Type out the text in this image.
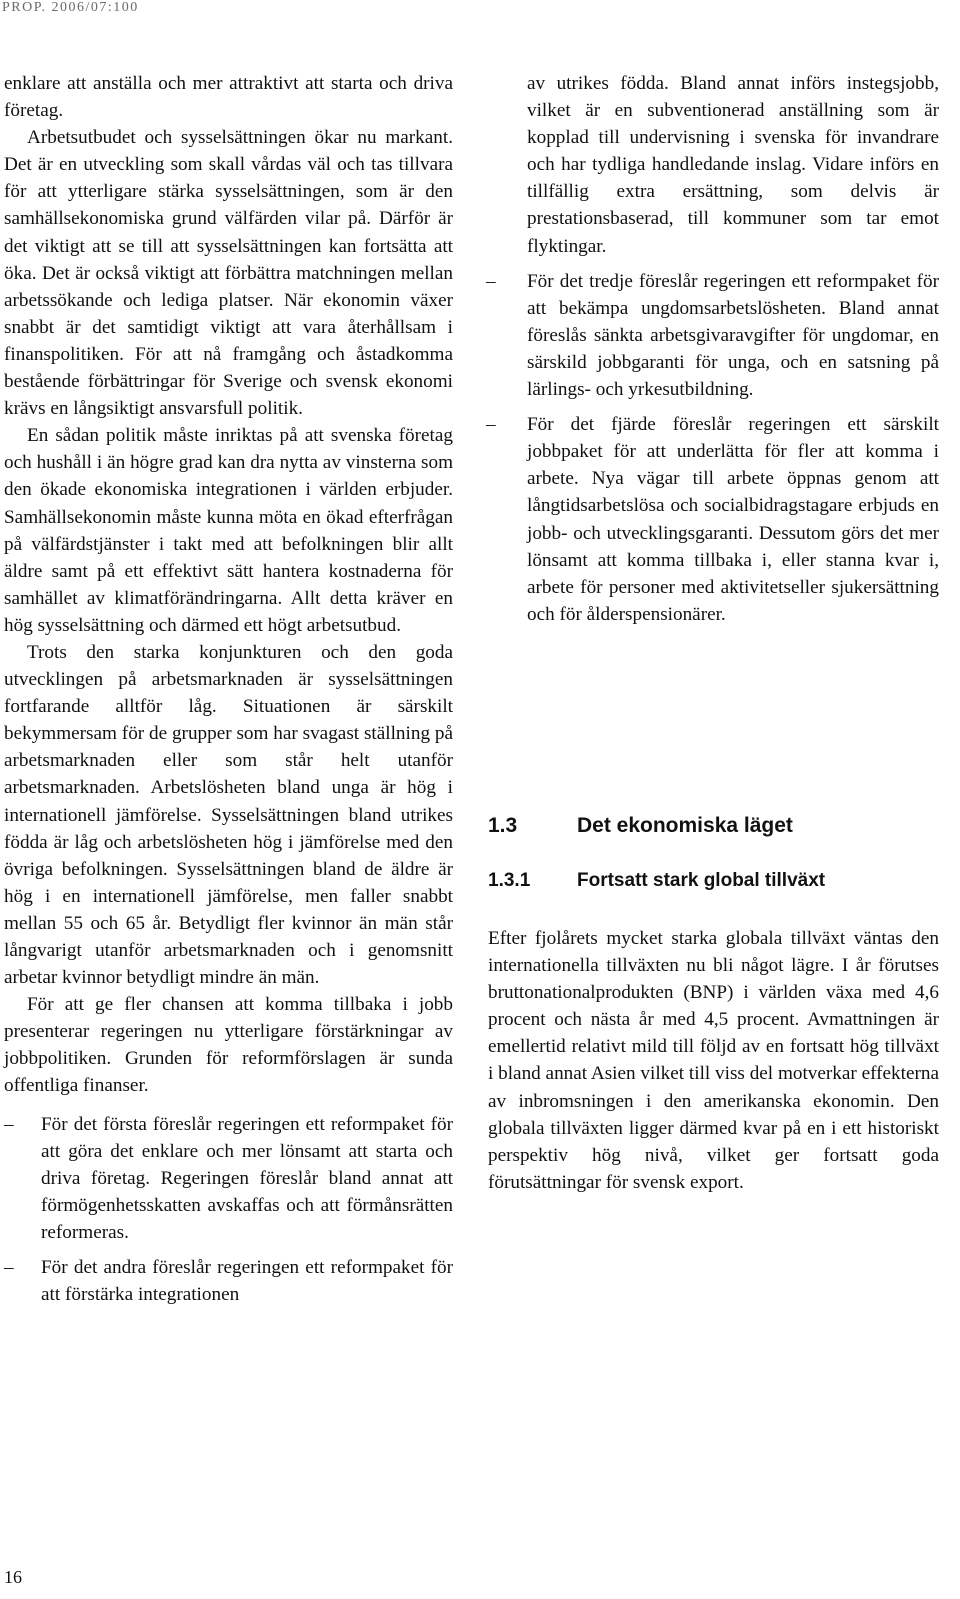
PROP. 2006/07:100

enklare att anställa och mer attraktivt att starta och driva företag.

Arbetsutbudet och sysselsättningen ökar nu markant. Det är en utveckling som skall vårdas väl och tas tillvara för att ytterligare stärka sysselsättningen, som är den samhällsekonomiska grund välfärden vilar på. Därför är det viktigt att se till att sysselsättningen kan fortsätta att öka. Det är också viktigt att förbättra matchningen mellan arbetssökande och lediga platser. När ekonomin växer snabbt är det samtidigt viktigt att vara återhållsam i finanspolitiken. För att nå framgång och åstadkomma bestående förbättringar för Sverige och svensk ekonomi krävs en långsiktigt ansvarsfull politik.

En sådan politik måste inriktas på att svenska företag och hushåll i än högre grad kan dra nytta av vinsterna som den ökade ekonomiska integrationen i världen erbjuder. Samhällsekonomin måste kunna möta en ökad efterfrågan på välfärdstjänster i takt med att befolkningen blir allt äldre samt på ett effektivt sätt hantera kostnaderna för samhället av klimatförändringarna. Allt detta kräver en hög sysselsättning och därmed ett högt arbetsutbud.

Trots den starka konjunkturen och den goda utvecklingen på arbetsmarknaden är sysselsättningen fortfarande alltför låg. Situationen är särskilt bekymmersam för de grupper som har svagast ställning på arbetsmarknaden eller som står helt utanför arbetsmarknaden. Arbetslösheten bland unga är hög i internationell jämförelse. Sysselsättningen bland utrikes födda är låg och arbetslösheten hög i jämförelse med den övriga befolkningen. Sysselsättningen bland de äldre är hög i en internationell jämförelse, men faller snabbt mellan 55 och 65 år. Betydligt fler kvinnor än män står långvarigt utanför arbetsmarknaden och i genomsnitt arbetar kvinnor betydligt mindre än män.

För att ge fler chansen att komma tillbaka i jobb presenterar regeringen nu ytterligare förstärkningar av jobbpolitiken. Grunden för reformförslagen är sunda offentliga finanser.

– För det första föreslår regeringen ett reformpaket för att göra det enklare och mer lönsamt att starta och driva företag. Regeringen föreslår bland annat att förmögenhetsskatten avskaffas och att förmånsrätten reformeras.

– För det andra föreslår regeringen ett reformpaket för att förstärka integrationen

av utrikes födda. Bland annat införs instegsjobb, vilket är en subventionerad anställning som är kopplad till undervisning i svenska för invandrare och har tydliga handledande inslag. Vidare införs en tillfällig extra ersättning, som delvis är prestationsbaserad, till kommuner som tar emot flyktingar.

– För det tredje föreslår regeringen ett reformpaket för att bekämpa ungdomsarbetslösheten. Bland annat föreslås sänkta arbetsgivaravgifter för ungdomar, en särskild jobbgaranti för unga, och en satsning på lärlings- och yrkesutbildning.

– För det fjärde föreslår regeringen ett särskilt jobbpaket för att underlätta för fler att komma i arbete. Nya vägar till arbete öppnas genom att långtidsarbetslösa och socialbidragstagare erbjuds en jobb- och utvecklingsgaranti. Dessutom görs det mer lönsamt att komma tillbaka i, eller stanna kvar i, arbete för personer med aktivitetseller sjukersättning och för ålderspensionärer.

1.3	Det ekonomiska läget
1.3.1 Fortsatt stark global tillväxt

Efter fjolårets mycket starka globala tillväxt väntas den internationella tillväxten nu bli något lägre. I år förutses bruttonationalprodukten (BNP) i världen växa med 4,6 procent och nästa år med 4,5 procent. Avmattningen är emellertid relativt mild till följd av en fortsatt hög tillväxt i bland annat Asien vilket till viss del motverkar effekterna av inbromsningen i den amerikanska ekonomin. Den globala tillväxten ligger därmed kvar på en i ett historiskt perspektiv hög nivå, vilket ger fortsatt goda förutsättningar för svensk export.

16
